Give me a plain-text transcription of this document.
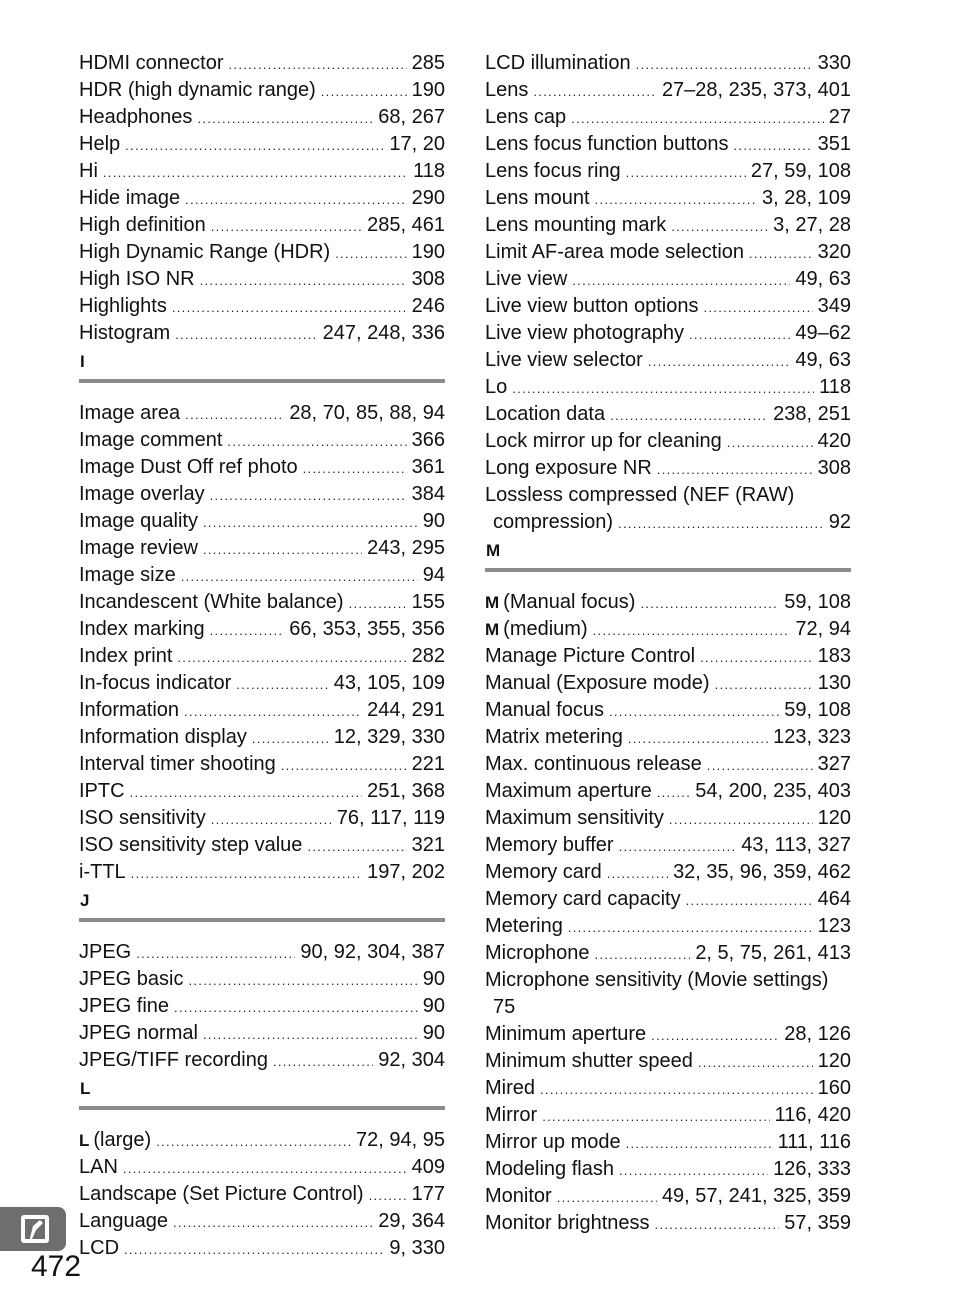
HDMI connector .....	285
HDR (high dynamic range) .....	190
Headphones .....	68, 267
Help .....	17, 20
Hi .....	118
Hide image .....	290
High definition .....	285, 461
High Dynamic Range (HDR) .....	190
High ISO NR .....	308
Highlights .....	246
Histogram .....	247, 248, 336
I
Image area .....	28, 70, 85, 88, 94
Image comment .....	366
Image Dust Off ref photo .....	361
Image overlay .....	384
Image quality .....	90
Image review .....	243, 295
Image size .....	94
Incandescent (White balance) .....	155
Index marking .....	66, 353, 355, 356
Index print .....	282
In-focus indicator .....	43, 105, 109
Information .....	244, 291
Information display .....	12, 329, 330
Interval timer shooting .....	221
IPTC .....	251, 368
ISO sensitivity .....	76, 117, 119
ISO sensitivity step value .....	321
i-TTL .....	197, 202
J
JPEG .....	90, 92, 304, 387
JPEG basic .....	90
JPEG fine .....	90
JPEG normal .....	90
JPEG/TIFF recording .....	92, 304
L
L (large) .....	72, 94, 95
LAN .....	409
Landscape (Set Picture Control) ..... 177
Language .....	29, 364
LCD .....	9, 330
LCD illumination .....	330
Lens .....	27–28, 235, 373, 401
Lens cap .....	27
Lens focus function buttons .....	351
Lens focus ring .....	27, 59, 108
Lens mount .....	3, 28, 109
Lens mounting mark .....	3, 27, 28
Limit AF-area mode selection .....	320
Live view .....	49, 63
Live view button options .....	349
Live view photography .....	49–62
Live view selector .....	49, 63
Lo .....	118
Location data .....	238, 251
Lock mirror up for cleaning .....	420
Long exposure NR .....	308
Lossless compressed (NEF (RAW)
compression) .....	92
M
M (Manual focus) .....	59, 108
M (medium) .....	72, 94
Manage Picture Control .....	183
Manual (Exposure mode) .....	130
Manual focus .....	59, 108
Matrix metering .....	123, 323
Max. continuous release .....	327
Maximum aperture ..... 54, 200, 235, 403
Maximum sensitivity .....	120
Memory buffer .....	43, 113, 327
Memory card .....	32, 35, 96, 359, 462
Memory card capacity .....	464
Metering .....	123
Microphone .....	2, 5, 75, 261, 413
Microphone sensitivity (Movie settings)
75
Minimum aperture .....	28, 126
Minimum shutter speed .....	120
Mired .....	160
Mirror .....	116, 420
Mirror up mode .....	111, 116
Modeling flash .....	126, 333
Monitor .....	49, 57, 241, 325, 359
Monitor brightness .....	57, 359
472
